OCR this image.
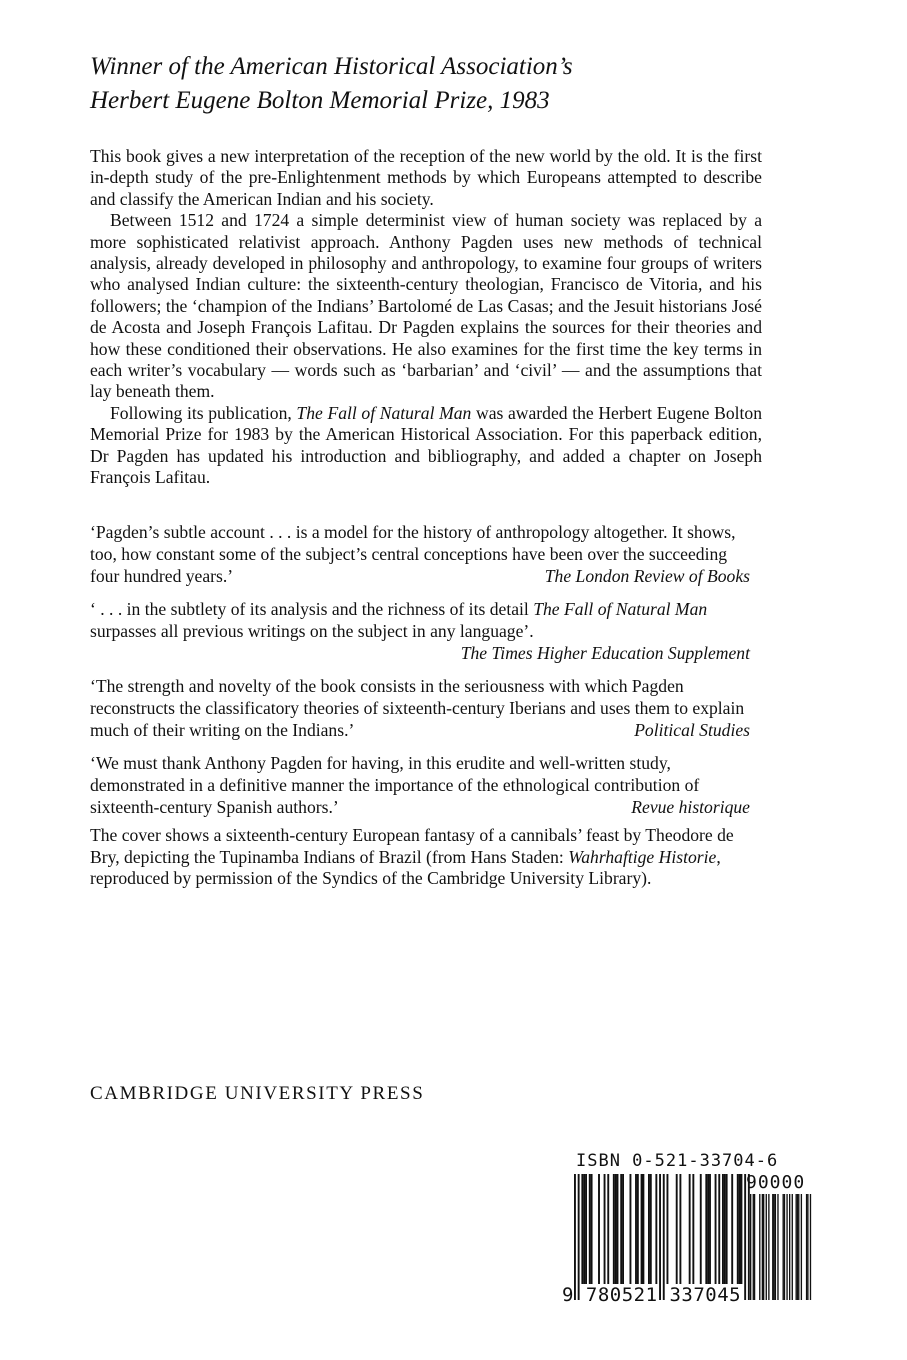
Winner of the American Historical Association’s
Herbert Eugene Bolton Memorial Prize, 1983

This book gives a new interpretation of the reception of the new world by the old. It is the first in-depth study of the pre-Enlightenment methods by which Europeans attempted to describe and classify the American Indian and his society.

Between 1512 and 1724 a simple determinist view of human society was replaced by a more sophisticated relativist approach. Anthony Pagden uses new methods of technical analysis, already developed in philosophy and anthropology, to examine four groups of writers who analysed Indian culture: the sixteenth-century theologian, Francisco de Vitoria, and his followers; the ‘champion of the Indians’ Bartolomé de Las Casas; and the Jesuit historians José de Acosta and Joseph François Lafitau. Dr Pagden explains the sources for their theories and how these conditioned their observations. He also examines for the first time the key terms in each writer’s vocabulary — words such as ‘barbarian’ and ‘civil’ — and the assumptions that lay beneath them.

Following its publication, The Fall of Natural Man was awarded the Herbert Eugene Bolton Memorial Prize for 1983 by the American Historical Association. For this paperback edition, Dr Pagden has updated his introduction and bibliography, and added a chapter on Joseph François Lafitau.

‘Pagden’s subtle account . . . is a model for the history of anthropology altogether. It shows, too, how constant some of the subject’s central conceptions have been over the succeeding four hundred years.’	The London Review of Books
‘ . . . in the subtlety of its analysis and the richness of its detail The Fall of Natural Man surpasses all previous writings on the subject in any language’.
The Times Higher Education Supplement
‘The strength and novelty of the book consists in the seriousness with which Pagden reconstructs the classificatory theories of sixteenth-century Iberians and uses them to explain much of their writing on the Indians.’	Political Studies
‘We must thank Anthony Pagden for having, in this erudite and well-written study, demonstrated in a definitive manner the importance of the ethnological contribution of sixteenth-century Spanish authors.’	Revue historique

The cover shows a sixteenth-century European fantasy of a cannibals’ feast by Theodore de Bry, depicting the Tupinamba Indians of Brazil (from Hans Staden: Wahrhaftige Historie, reproduced by permission of the Syndics of the Cambridge University Library).

CAMBRIDGE UNIVERSITY PRESS
ISBN 0-521-33704-6
90000
9 780521 337045
